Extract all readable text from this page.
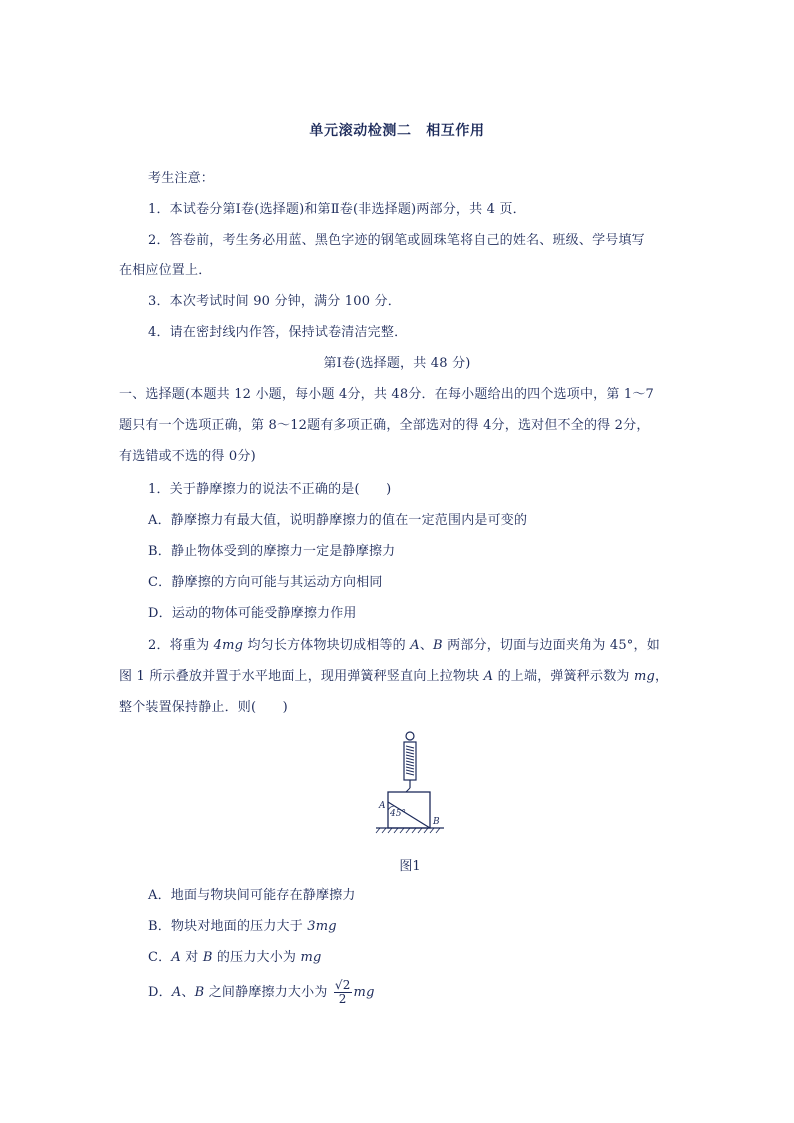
单元滚动检测二　相互作用
考生注意：
1．本试卷分第Ⅰ卷(选择题)和第Ⅱ卷(非选择题)两部分，共 4 页．
2．答卷前，考生务必用蓝、黑色字迹的钢笔或圆珠笔将自己的姓名、班级、学号填写
在相应位置上．
3．本次考试时间 90 分钟，满分 100 分．
4．请在密封线内作答，保持试卷清洁完整．
第Ⅰ卷(选择题，共 48 分)
一、选择题(本题共 12 小题，每小题 4分，共 48分．在每小题给出的四个选项中，第 1～7
题只有一个选项正确，第 8～12题有多项正确，全部选对的得 4分，选对但不全的得 2分，
有选错或不选的得 0分)
1．关于静摩擦力的说法不正确的是(　　)
A．静摩擦力有最大值，说明静摩擦力的值在一定范围内是可变的
B．静止物体受到的摩擦力一定是静摩擦力
C．静摩擦的方向可能与其运动方向相同
D．运动的物体可能受静摩擦力作用
2．将重为 4mg 均匀长方体物块切成相等的 A、B 两部分，切面与边面夹角为 45°，如
图 1 所示叠放并置于水平地面上，现用弹簧秤竖直向上拉物块 A 的上端，弹簧秤示数为 mg，
整个装置保持静止．则(　　)
45°
A
B
图1
A．地面与物块间可能存在静摩擦力
B．物块对地面的压力大于 3mg
C．A 对 B 的压力大小为 mg
D．A、B 之间静摩擦力大小为 $\frac{√2}{2}$ mg
